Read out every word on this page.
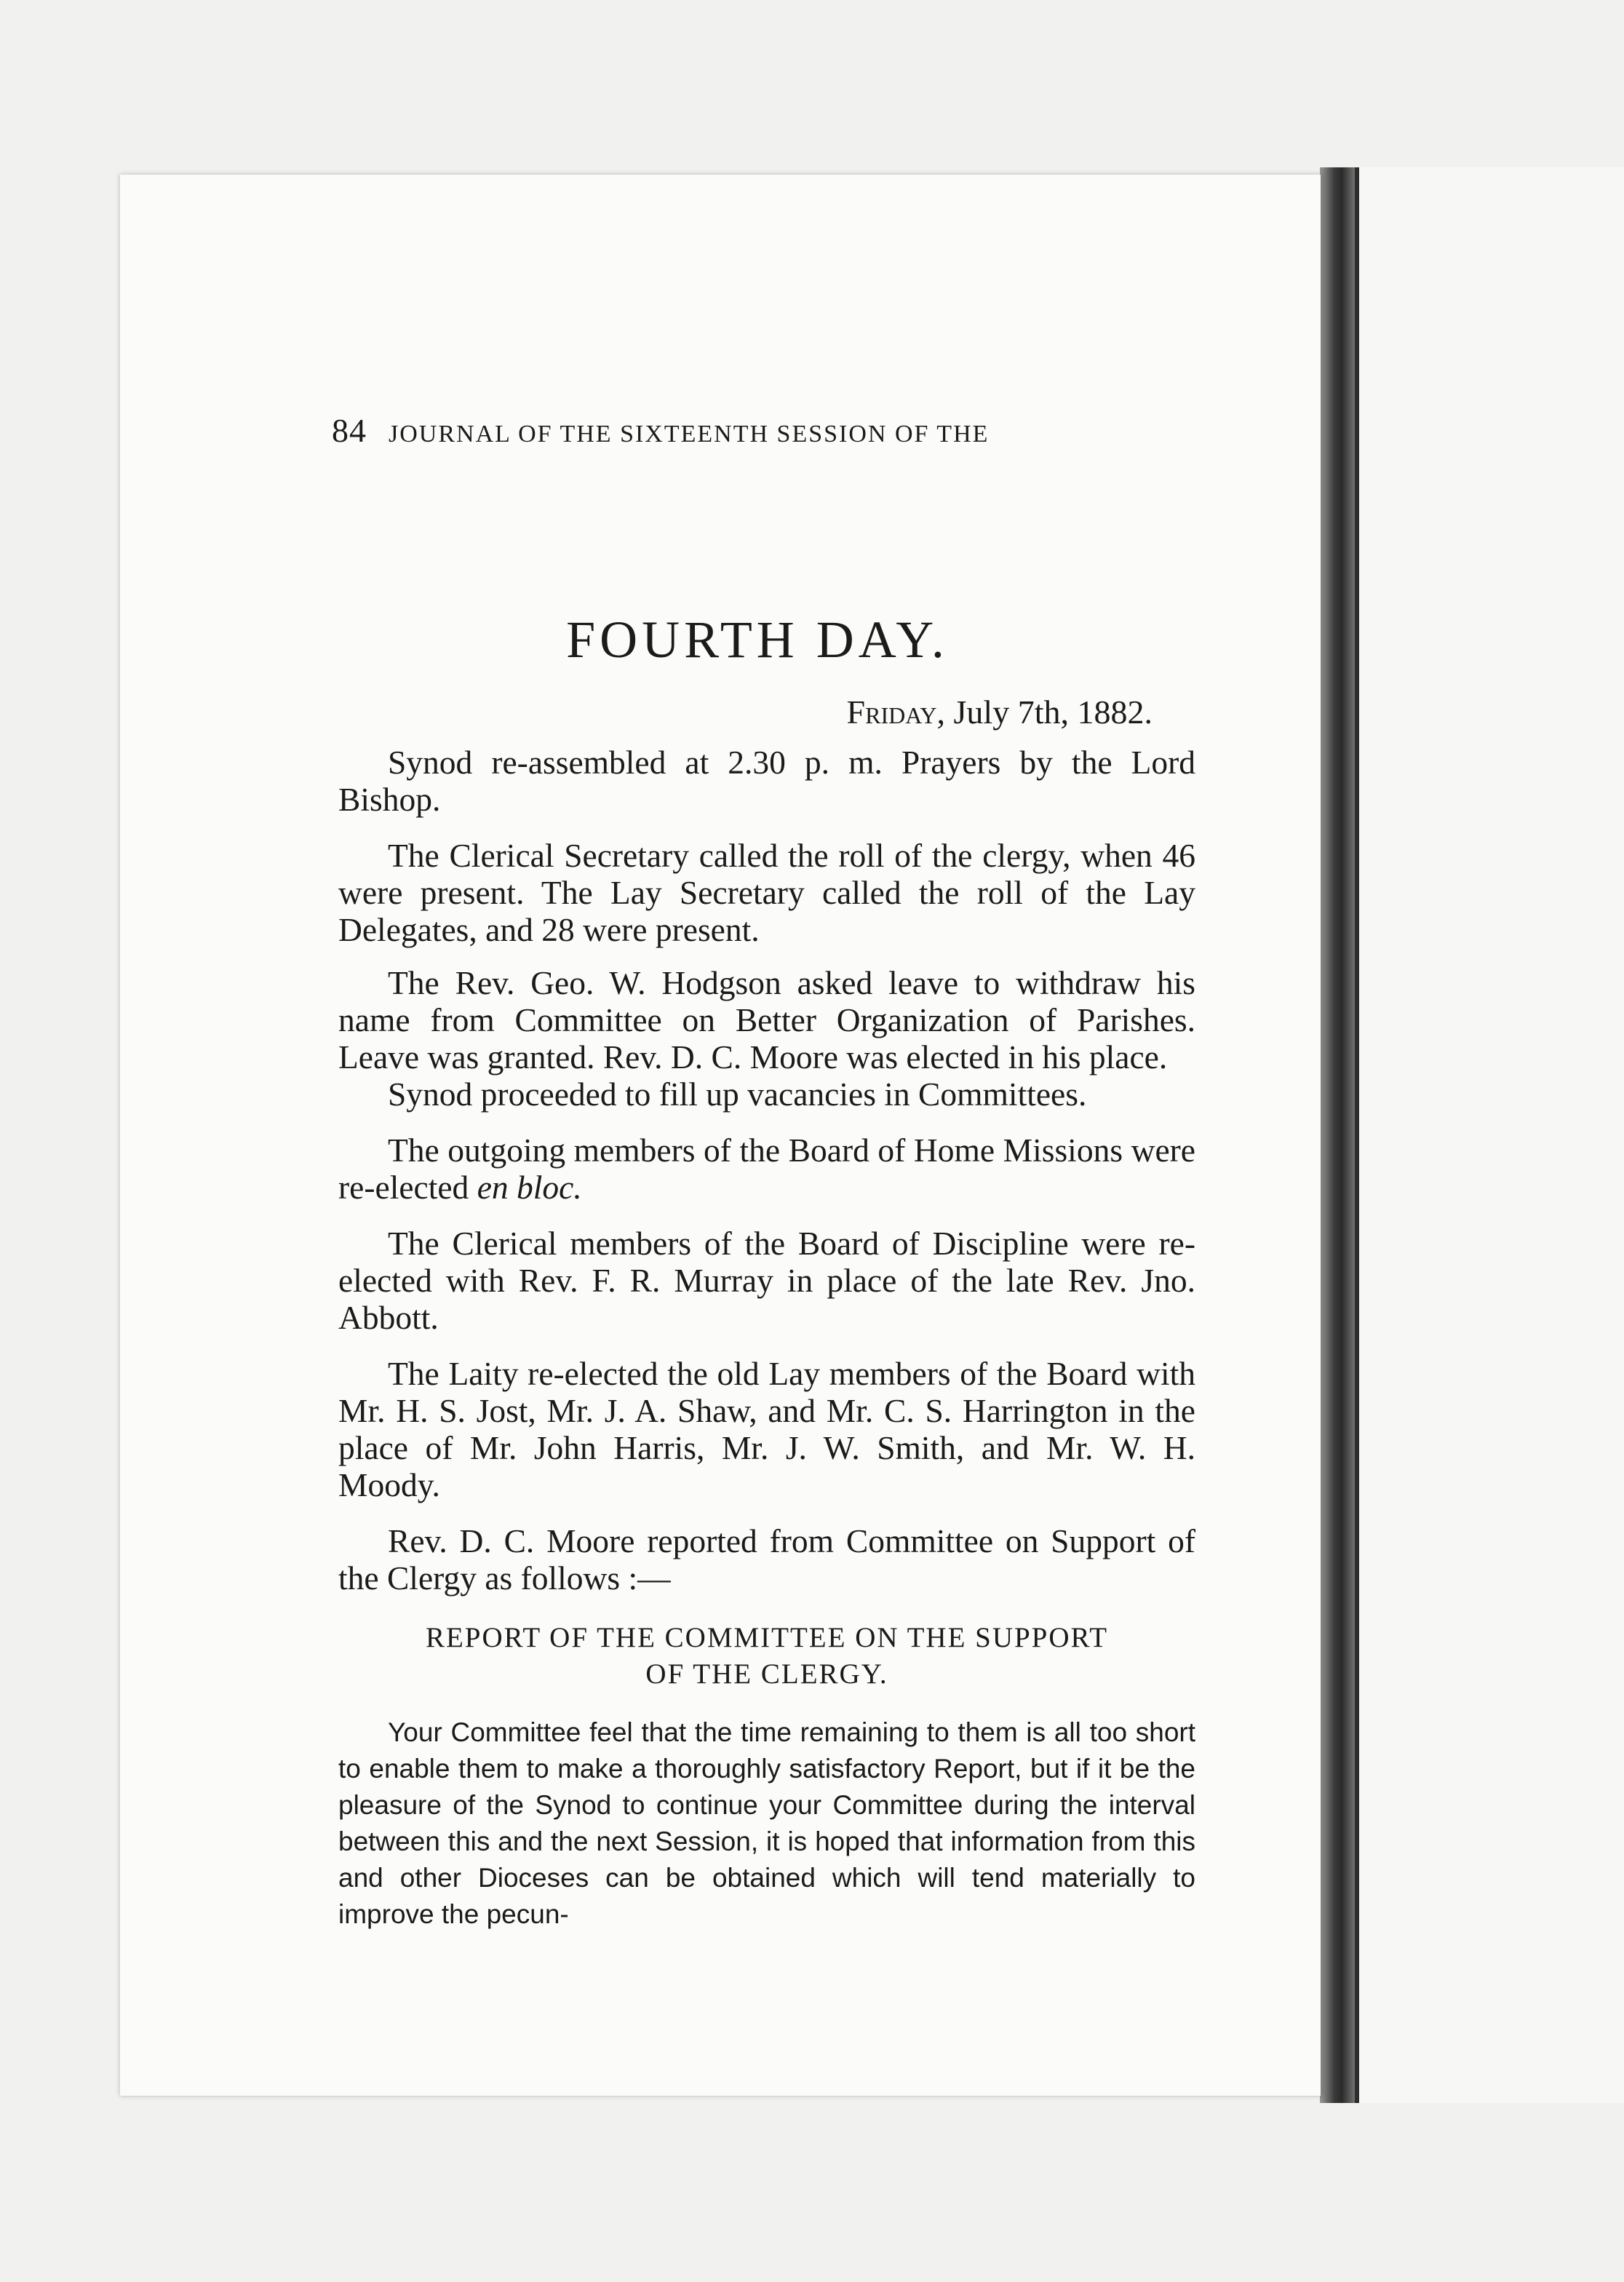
84 JOURNAL OF THE SIXTEENTH SESSION OF THE
FOURTH DAY.
Friday, July 7th, 1882.

Synod re-assembled at 2.30 p. m. Prayers by the Lord Bishop.

The Clerical Secretary called the roll of the clergy, when 46 were present. The Lay Secretary called the roll of the Lay Delegates, and 28 were present.

The Rev. Geo. W. Hodgson asked leave to withdraw his name from Committee on Better Organization of Parishes. Leave was granted. Rev. D. C. Moore was elected in his place.

Synod proceeded to fill up vacancies in Committees.

The outgoing members of the Board of Home Missions were re-elected en bloc.

The Clerical members of the Board of Discipline were re-elected with Rev. F. R. Murray in place of the late Rev. Jno. Abbott.

The Laity re-elected the old Lay members of the Board with Mr. H. S. Jost, Mr. J. A. Shaw, and Mr. C. S. Harrington in the place of Mr. John Harris, Mr. J. W. Smith, and Mr. W. H. Moody.

Rev. D. C. Moore reported from Committee on Support of the Clergy as follows :—

REPORT OF THE COMMITTEE ON THE SUPPORT
OF THE CLERGY.

Your Committee feel that the time remaining to them is all too short to enable them to make a thoroughly satisfactory Report, but if it be the pleasure of the Synod to continue your Committee during the interval between this and the next Session, it is hoped that information from this and other Dioceses can be obtained which will tend materially to improve the pecun-
